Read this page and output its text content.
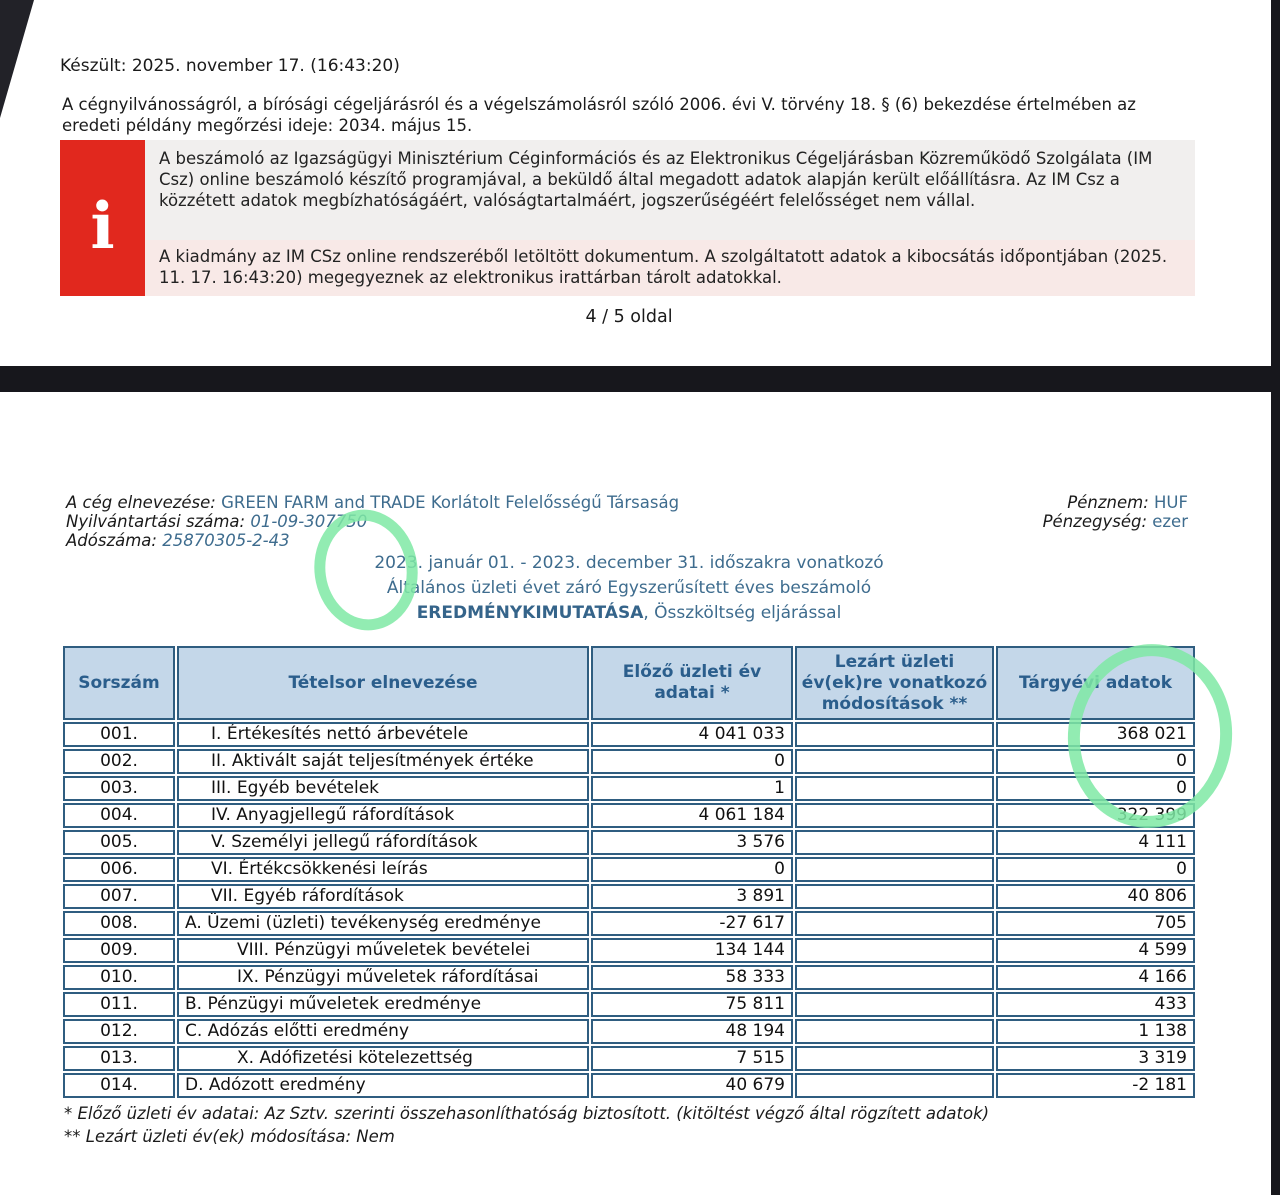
Készült: 2025. november 17. (16:43:20)
A cégnyilvánosságról, a bírósági cégeljárásról és a végelszámolásról szóló 2006. évi V. törvény 18. § (6) bekezdése értelmében az eredeti példány megőrzési ideje: 2034. május 15.
i
A beszámoló az Igazságügyi Minisztérium Céginformációs és az Elektronikus Cégeljárásban Közreműködő Szolgálata (IM Csz) online beszámoló készítő programjával, a beküldő által megadott adatok alapján került előállításra. Az IM Csz a közzétett adatok megbízhatóságáért, valóságtartalmáért, jogszerűségéért felelősséget nem vállal.
A kiadmány az IM CSz online rendszeréből letöltött dokumentum. A szolgáltatott adatok a kibocsátás időpontjában (2025. 11. 17. 16:43:20) megegyeznek az elektronikus irattárban tárolt adatokkal.
4 / 5 oldal
A cég elnevezése: GREEN FARM and TRADE Korlátolt Felelősségű Társaság
Nyilvántartási száma: 01-09-307750
Adószáma: 25870305-2-43
Pénznem: HUF
Pénzegység: ezer
2023. január 01. - 2023. december 31. időszakra vonatkozó
Általános üzleti évet záró Egyszerűsített éves beszámoló
EREDMÉNYKIMUTATÁSA, Összköltség eljárással
Sorszám	Tételsor elnevezése	Előző üzleti év adatai *	Lezárt üzleti év(ek)re vonatkozó módosítások **	Tárgyévi adatok
001.	I. Értékesítés nettó árbevétele	4 041 033		368 021
002.	II. Aktivált saját teljesítmények értéke	0		0
003.	III. Egyéb bevételek	1		0
004.	IV. Anyagjellegű ráfordítások	4 061 184		322 399
005.	V. Személyi jellegű ráfordítások	3 576		4 111
006.	VI. Értékcsökkenési leírás	0		0
007.	VII. Egyéb ráfordítások	3 891		40 806
008.	A. Üzemi (üzleti) tevékenység eredménye	-27 617		705
009.	VIII. Pénzügyi műveletek bevételei	134 144		4 599
010.	IX. Pénzügyi műveletek ráfordításai	58 333		4 166
011.	B. Pénzügyi műveletek eredménye	75 811		433
012.	C. Adózás előtti eredmény	48 194		1 138
013.	X. Adófizetési kötelezettség	7 515		3 319
014.	D. Adózott eredmény	40 679		-2 181
* Előző üzleti év adatai: Az Sztv. szerinti összehasonlíthatóság biztosított. (kitöltést végző által rögzített adatok)
** Lezárt üzleti év(ek) módosítása: Nem
